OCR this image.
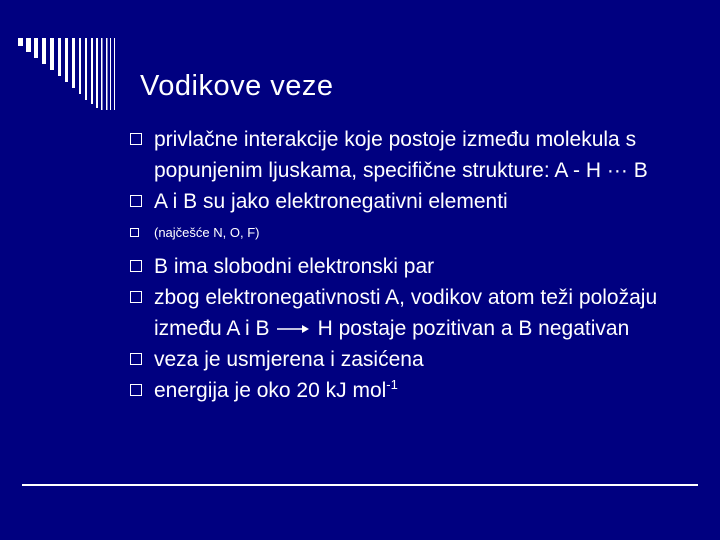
Vodikove veze
privlačne interakcije koje postoje između molekula s popunjenim ljuskama, specifične strukture: A - H ··· B
A i B su jako elektronegativni elementi
(najčešće N, O, F)
B ima slobodni elektronski par
zbog elektronegativnosti A, vodikov atom teži položaju između A i B H postaje pozitivan a B negativan
veza je usmjerena i zasićena
energija je oko 20 kJ mol$^{-1}$
